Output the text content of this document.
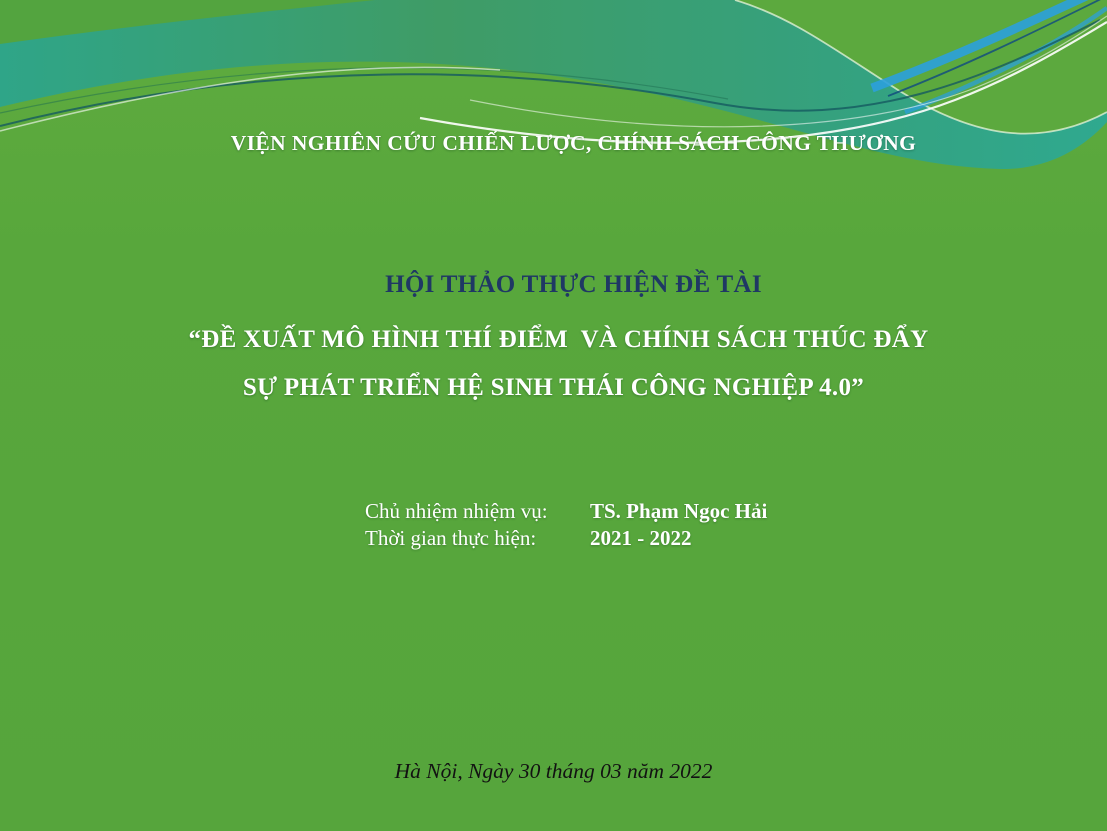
VIỆN NGHIÊN CỨU CHIẾN LƯỢC, CHÍNH SÁCH CÔNG THƯƠNG
HỘI THẢO THỰC HIỆN ĐỀ TÀI
“ĐỀ XUẤT MÔ HÌNH THÍ ĐIỂM  VÀ CHÍNH SÁCH THÚC ĐẨY
SỰ PHÁT TRIỂN HỆ SINH THÁI CÔNG NGHIỆP 4.0”
Chủ nhiệm nhiệm vụ:	TS. Phạm Ngọc Hải
Thời gian thực hiện:	2021 - 2022
Hà Nội, Ngày 30 tháng 03 năm 2022
